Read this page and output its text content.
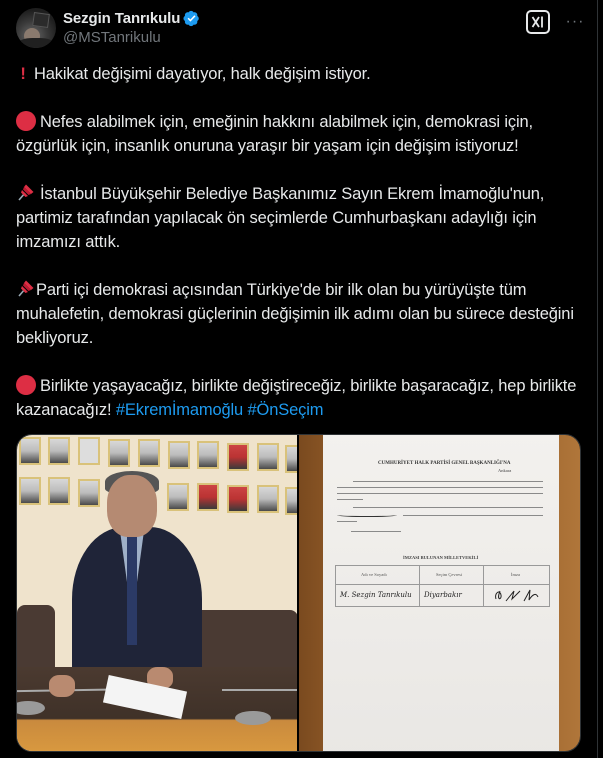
Sezgin Tanrıkulu
@MSTanrikulu
···

! Hakikat değişimi dayatıyor, halk değişim istiyor.

Nefes alabilmek için, emeğinin hakkını alabilmek için, demokrasi için, özgürlük için, insanlık onuruna yaraşır bir yaşam için değişim istiyoruz!

İstanbul Büyükşehir Belediye Başkanımız Sayın Ekrem İmamoğlu'nun, partimiz tarafından yapılacak ön seçimlerde Cumhurbaşkanı adaylığı için imzamızı attık.

Parti içi demokrasi açısından Türkiye'de bir ilk olan bu yürüyüşte tüm muhalefetin, demokrasi güçlerinin değişimin ilk adımı olan bu sürece desteğini bekliyoruz.

Birlikte yaşayacağız, birlikte değiştireceğiz, birlikte başaracağız, hep birlikte kazanacağız! #Ekremİmamoğlu #ÖnSeçim

CUMHURİYET HALK PARTİSİ GENEL BAŞKANLIĞI'NA
Ankara
İMZASI BULUNAN MİLLETVEKİLİ
Adı ve Soyadı	Seçim Çevresi	İmza
M. Sezgin Tanrıkulu Diyarbakır
